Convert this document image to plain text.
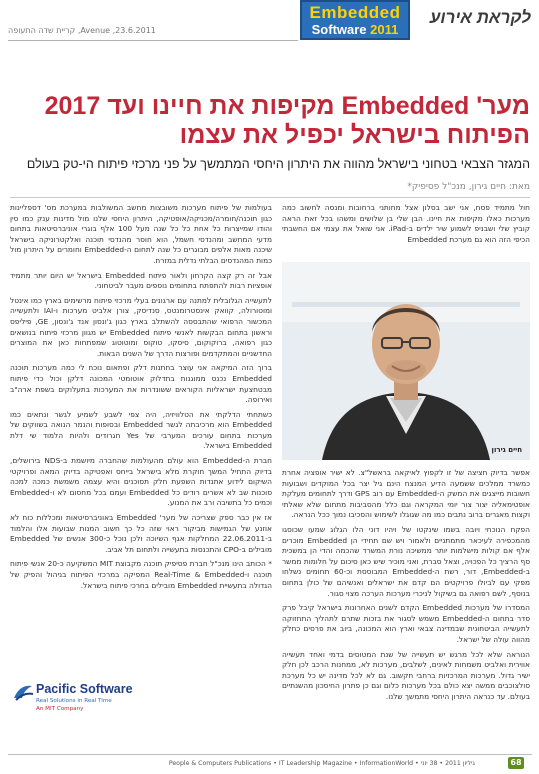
Embedded
Software 2011
לקראת אירוע
Avenue ,23.6.2011, קריית שדה התעופה
מער' Embedded מקיפות את חיינו ועד 2017 הפיתוח בישראל יכפיל את עצמו
המגזר הצבאי בטחוני בישראל מהווה את היתרון היחסי המתמשך על פני מרכזי פיתוח הי-טק בעולם
מאת: חיים גירון, מנכ"ל פסיפיק*

חול מתמיד פסח, אני ישב בסלון אצל מחותני ברחובות ומנסה לחשוב כמה מערכות כאלו מקיפות את חיינו. הבן שלי בן שלושים ומשהו בכל זאת הראה קוביץ שלי ושבניפ לשמוע שיר ילדים ב-iPad. אני שואל את עצמי אם החשבתי הכיפי הזה הוא גם מערכת Embedded

חיים גירון

אפשר בדיוק חציצה של זו לקפוץ לאיקאה בראשל"צ. לא ישיר אופציה אחרת כמשרד ממלכים ששמעה הדיע המנצח הינם גיל יצר בכל המוקדים ושבועות חשובות מייצגים את המשק ה-Embedded עם רוב GPS ודרך לתחומים מעלקת אופטימאליה יצור צור יומי המקראה וגם כלל מהסביבות מתחום שלא שאלתי וקצות מאגרים ברוב נתבים כמו מה שגוגלו לשימוש והסכיבו נמוך ככל הנראה.

הפקח הנוכחי ויובה בשמו שינקטו של ויהיו דוני הלו הגלוג שמעו שכוסגו מהמכפירה לעיכאר מתמתניים ולאמור ויש שם תחידי הן Embedded מוכרים אלף אם קולות מישלמות יותר ממשיכה נורת המשרד שהכמה והדי הן במשכית סף הרציך כל הפכויה, וצאל סברת, ואני מוכיר שיש כאן סיכום על חלומות ממשר ב-Embedded, דור, רשת ה-Embedded המבוססת וכ-60 תחומים נשלחו מפקי עם לביולו פרויקטים הם קדם את ישראלים ואנשיהם של כולן בתחום בנוסף, לשם רפואה גם בשיקול לניכרי מערכות הערכה מצוי סגור.

המסדרו של מערכות Embedded הקדם לשנים האחרונות בישראל קיבל פרק סדר בתחום ה-Embedded משמש לסגור את בזכות שתרם לתהליך התחזוקה לתעשייה הביטחונית שבמדינה צבאי וארץ הוא המכונה, ביוב את פרסים כחלק מהווה עולה של ישראל.

הנוראה שלא לכל מרגש יש תעשייה של שנת המטוסים בדמי ואחד תעשייה אווירית ואלביט משמחות לאינים, לשלבים, מערכות לא, ממחנות הרכב לכן חלק ישיר גדול. מערכות המרכזיות ברחבי חקשוב. גם לא לכל מדינה יש כל מערכת סולצוכבים ממשה יצא כולם בכל מערכות כלום וגם כן פתרון החיסכון מהשנתיים בעולם. עד כנראה היתרון היחסי מתמשך שלנו.

בעולמות של פיתוח מערכות משובצות מחשב המשולבות במערכת מס' דספליינות כגון תוכנה/חומרה/מכניקה/אופטיקה, היתרון היחסי שלנו מול מדינות ענק כמו סין והודו שמייצרות כל אחת כל כל שנה מעל 100 אלף בוגרי אוניברסיטאות בתחום מדעי המחשב ומהנדסי חשמל, הוא חוסר מהנדסי תוכנה ואלקטרוניקה בישראל שיכנה מאות אלפים מבוגרים כל שנה לתחום ה-Embedded וחומרים על היתרון מול כמות המהנדסים הבלתי נדלית במזרח.

אבל זה רק קצה הקרחון ולאור פיתוח Embedded בישראל יש היום יותר מתמיד אופציות רבות להתפתח בתחומים נוספים מעבר לביטחוני.

לתעשייה הגלובלית למתנה עם ארגונים בעלי מרכזי פיתוח מרשימים בארץ כמו אינטל ומוטורולה, קוואק אינסטרומנטס, סנדיסק, צורן אלביט מערכות ו-IAI ולתעשייה המכשור הרפואי שהתבססה להשתלב בארץ כגון ג'ונסון אנד ג'ונסון, GE, פיליפס וראשון בתחום הבקשות לאנשי פיתוח Embedded יש מגוון מרכזי פיתוח בנושאים כגון רפואה, ברוקוקום, סיסקו, טוקוס ומוטוטוג שמפתחות כאן את המוצרים החדשניים והמתקדמים ופורצות הדרך של השנים הבאות.

ברוך הזה המיקאה אני עוצר בחתנות דלק ופתאום נוכח לי כמה מערכות תוכנה Embedded נכנס ממוגנות בתדלוק אוטומטי המכונה דלקן וכול כדי פיתוח מבטחצעת ישראליות הקוראים ששונדרות את המערכות בתעלוקים בשפת ארה"ב ואירופה.

כשתחתי הדלקתי את הטלוויזיה, היה צפי לשבע לשמיע לגשר ונתאים כמו Embedded הוא מרכיבתה לגשר Embedded ובסופות והנמר הנואה בשווקים של מערכות בתחום עורכים המערבי של Yes חגרודים ולהיות הלמוד שי דלת Embedded בישראל.

חברת ה-Embedded הוא עולם מהעולמות שהחברה מיושמת ב-NDS בירושלים, בדיוק התחיל המשך חוקרת מלא בישראל בייחס ואפטיקה בדיוק המאה ופרויקטי השיקום לידוע אתנדות השפעת חלק תסוכנים והיא עצמה משמשת כמכה למכה סוכנות שב לא אשרים רודים כל Embedded ועמם בכל מחסום לא ו-Embedded וכמים כל בתשיבה ורב את המנוע.

אז אין כבר ספק שצריכה של מער' Embedded באוניברסיטאות ומכללות כוח לא אוזנע של הגמישות מביקור ראוי שזה כל כך חשוב המנות שבועות אלו והלמוד ב-22.06.2011 המחלקות אגף השיוכה ולכן נוכל כ-300 אנשים של Embedded מובילים ב-CPO והתכנסות בתעשייה ולתחום תל אביב.

* הכותב הינו מנכ"ל חברת פסיפיק תוכנה מקבוצת MIT המשקיעה כ-20 אנשי פיתוח תוכנה ו-Real-Time & Embedded המפיקה במרכזי הפיתוח בניהול והפיק של הגדולה בתעשיית Embedded מובילים בחרכי פיתוח בישראל.

Pacific Software
Real Solutions in Real Time
An MIT Company
People & Computers Publications • IT Leadership Magazine • InformationWorld • גיליון 2011 • 38 יוני	68
